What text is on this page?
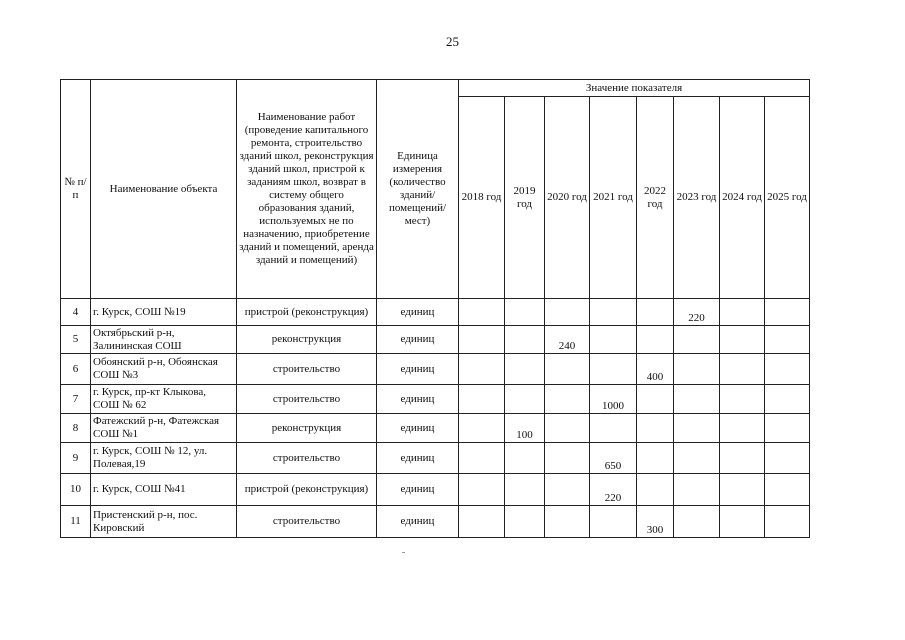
25
№ п/п	Наименование объекта	Наименование работ (проведение капитального ремонта, строительство зданий школ, реконструкция зданий школ, пристрой к заданиям школ, возврат в систему общего образования зданий, используемых не по назначению, приобретение зданий и помещений, аренда зданий и помещений)	Единица измерения (количество зданий/ помещений/ мест)	Значение показателя							
				2018 год	2019 год	2020 год	2021 год	2022 год	2023 год	2024 год	2025 год
4	г. Курск, СОШ №19	пристрой (реконструкция)	единиц						220		
5	Октябрьский р-н, Залининская СОШ	реконструкция	единиц			240					
6	Обоянский р-н, Обоянская СОШ №3	строительство	единиц					400			
7	г. Курск, пр-кт Клыкова, СОШ № 62	строительство	единиц				1000				
8	Фатежский р-н, Фатежская СОШ №1	реконструкция	единиц		100						
9	г. Курск, СОШ № 12, ул. Полевая,19	строительство	единиц				650				
10	г. Курск, СОШ №41	пристрой (реконструкция)	единиц				220				
11	Пристенский р-н, пос. Кировский	строительство	единиц					300			
